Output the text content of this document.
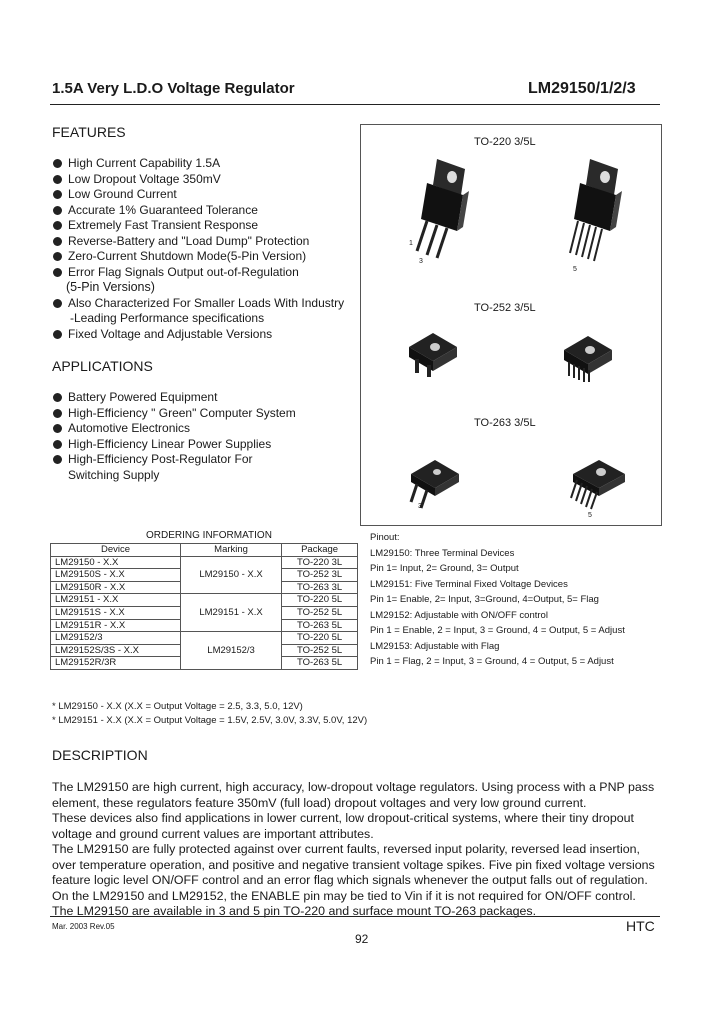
1.5A Very L.D.O Voltage Regulator	LM29150/1/2/3
FEATURES
High Current Capability 1.5A
Low Dropout Voltage 350mV
Low Ground Current
Accurate 1% Guaranteed Tolerance
Extremely Fast Transient Response
Reverse-Battery and "Load Dump" Protection
Zero-Current Shutdown Mode(5-Pin Version)
Error Flag Signals Output out-of-Regulation
(5-Pin Versions)
Also Characterized For Smaller Loads With Industry
-Leading Performance specifications
Fixed Voltage and Adjustable Versions
APPLICATIONS
Battery Powered Equipment
High-Efficiency " Green" Computer System
Automotive Electronics
High-Efficiency Linear Power Supplies
High-Efficiency Post-Regulator For
Switching Supply
TO-220 3/5L
TO-252 3/5L
TO-263 3/5L
1
3
5
3
5
ORDERING INFORMATION
Device	Marking	Package
LM29150 - X.X	LM29150 - X.X	TO-220 3L
LM29150S - X.X		TO-252 3L
LM29150R - X.X		TO-263 3L
LM29151 - X.X	LM29151 - X.X	TO-220 5L
LM29151S - X.X		TO-252 5L
LM29151R - X.X		TO-263 5L
LM29152/3	LM29152/3	TO-220 5L
LM29152S/3S - X.X		TO-252 5L
LM29152R/3R		TO-263 5L
Pinout:
LM29150: Three Terminal Devices
Pin 1= Input, 2= Ground, 3= Output
LM29151: Five Terminal Fixed Voltage Devices
Pin 1= Enable, 2= Input, 3=Ground, 4=Output, 5= Flag
LM29152: Adjustable with ON/OFF control
Pin 1 = Enable, 2 = Input, 3 = Ground, 4 = Output, 5 = Adjust
LM29153: Adjustable with Flag
Pin 1 = Flag, 2 = Input, 3 = Ground, 4 = Output, 5 = Adjust
* LM29150 - X.X (X.X = Output Voltage = 2.5, 3.3, 5.0, 12V)
* LM29151 - X.X (X.X = Output Voltage = 1.5V, 2.5V, 3.0V, 3.3V, 5.0V, 12V)
DESCRIPTION

The LM29150 are high current, high accuracy, low-dropout voltage regulators. Using process with a PNP pass

element, these regulators feature 350mV (full load) dropout voltages and very low ground current.

These devices also find applications in lower current, low dropout-critical systems, where their tiny dropout

voltage and ground current values are important attributes.

The LM29150 are fully protected against over current faults, reversed input polarity, reversed lead insertion,

over temperature operation, and positive and negative transient voltage spikes. Five pin fixed voltage versions

feature logic level ON/OFF control and an error flag which signals whenever the output falls out of regulation.

On the LM29150 and LM29152, the ENABLE pin may be tied to Vin if it is not required for ON/OFF control.

The LM29150 are available in 3 and 5 pin TO-220 and surface mount TO-263 packages.

Mar. 2003 Rev.05
92
HTC
